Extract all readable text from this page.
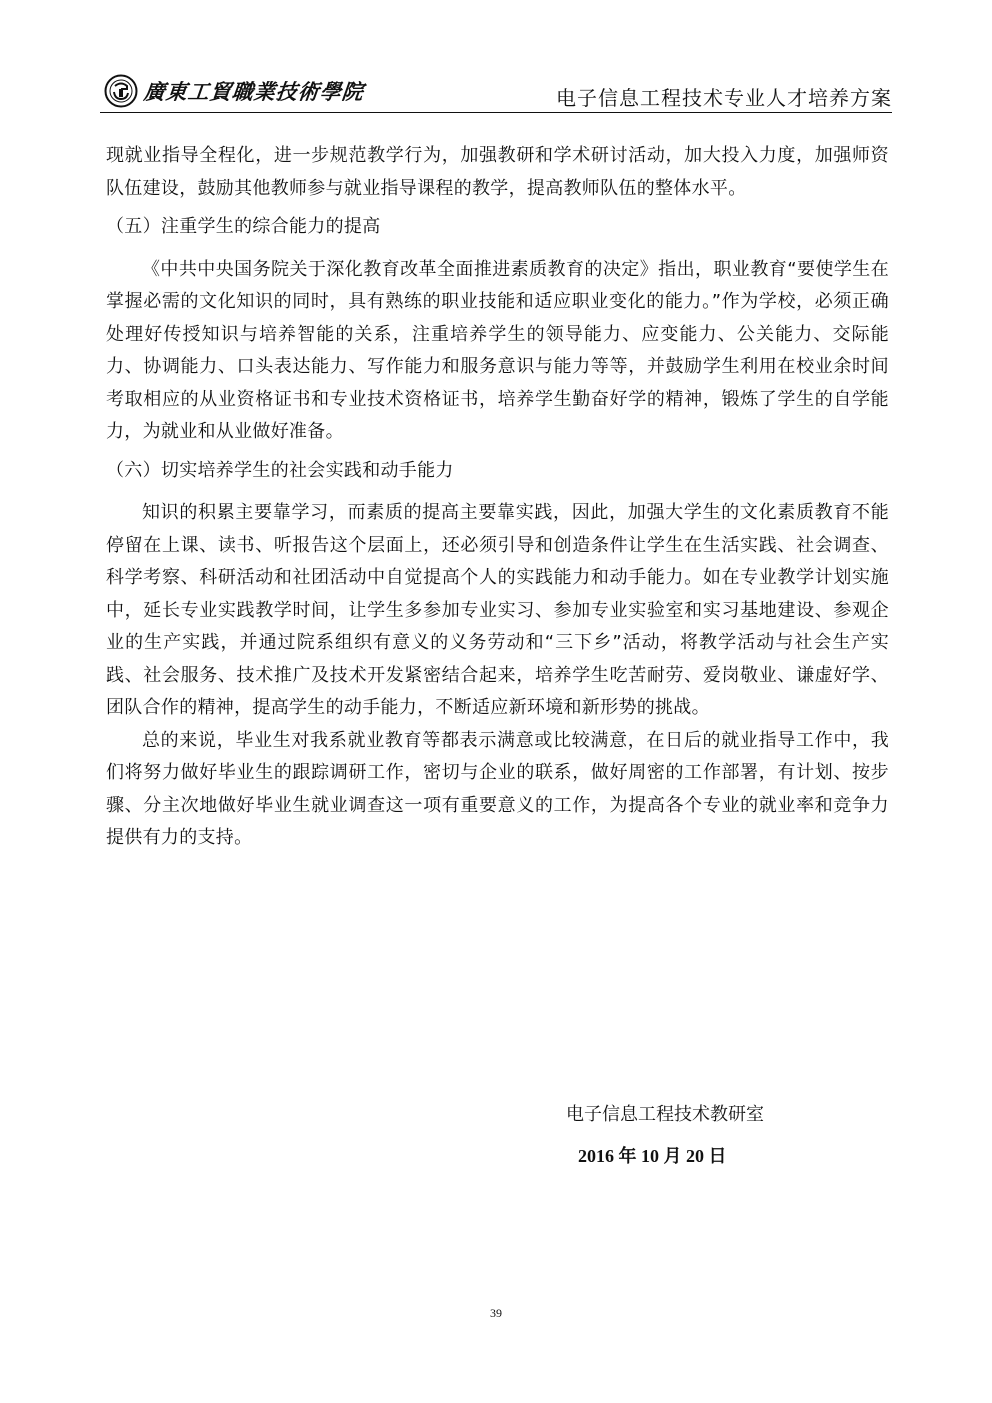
廣東工貿職業技術學院	电子信息工程技术专业人才培养方案

现就业指导全程化，进一步规范教学行为，加强教研和学术研讨活动，加大投入力度，加强师资队伍建设，鼓励其他教师参与就业指导课程的教学，提高教师队伍的整体水平。

（五）注重学生的综合能力的提高

《中共中央国务院关于深化教育改革全面推进素质教育的决定》指出，职业教育“要使学生在掌握必需的文化知识的同时，具有熟练的职业技能和适应职业变化的能力。”作为学校，必须正确处理好传授知识与培养智能的关系，注重培养学生的领导能力、应变能力、公关能力、交际能力、协调能力、口头表达能力、写作能力和服务意识与能力等等，并鼓励学生利用在校业余时间考取相应的从业资格证书和专业技术资格证书，培养学生勤奋好学的精神，锻炼了学生的自学能力，为就业和从业做好准备。

（六）切实培养学生的社会实践和动手能力

知识的积累主要靠学习，而素质的提高主要靠实践，因此，加强大学生的文化素质教育不能停留在上课、读书、听报告这个层面上，还必须引导和创造条件让学生在生活实践、社会调查、科学考察、科研活动和社团活动中自觉提高个人的实践能力和动手能力。如在专业教学计划实施中，延长专业实践教学时间，让学生多参加专业实习、参加专业实验室和实习基地建设、参观企业的生产实践，并通过院系组织有意义的义务劳动和“三下乡”活动，将教学活动与社会生产实践、社会服务、技术推广及技术开发紧密结合起来，培养学生吃苦耐劳、爱岗敬业、谦虚好学、团队合作的精神，提高学生的动手能力，不断适应新环境和新形势的挑战。

总的来说，毕业生对我系就业教育等都表示满意或比较满意，在日后的就业指导工作中，我们将努力做好毕业生的跟踪调研工作，密切与企业的联系，做好周密的工作部署，有计划、按步骤、分主次地做好毕业生就业调查这一项有重要意义的工作，为提高各个专业的就业率和竞争力提供有力的支持。

电子信息工程技术教研室
2016 年 10 月 20 日
39
